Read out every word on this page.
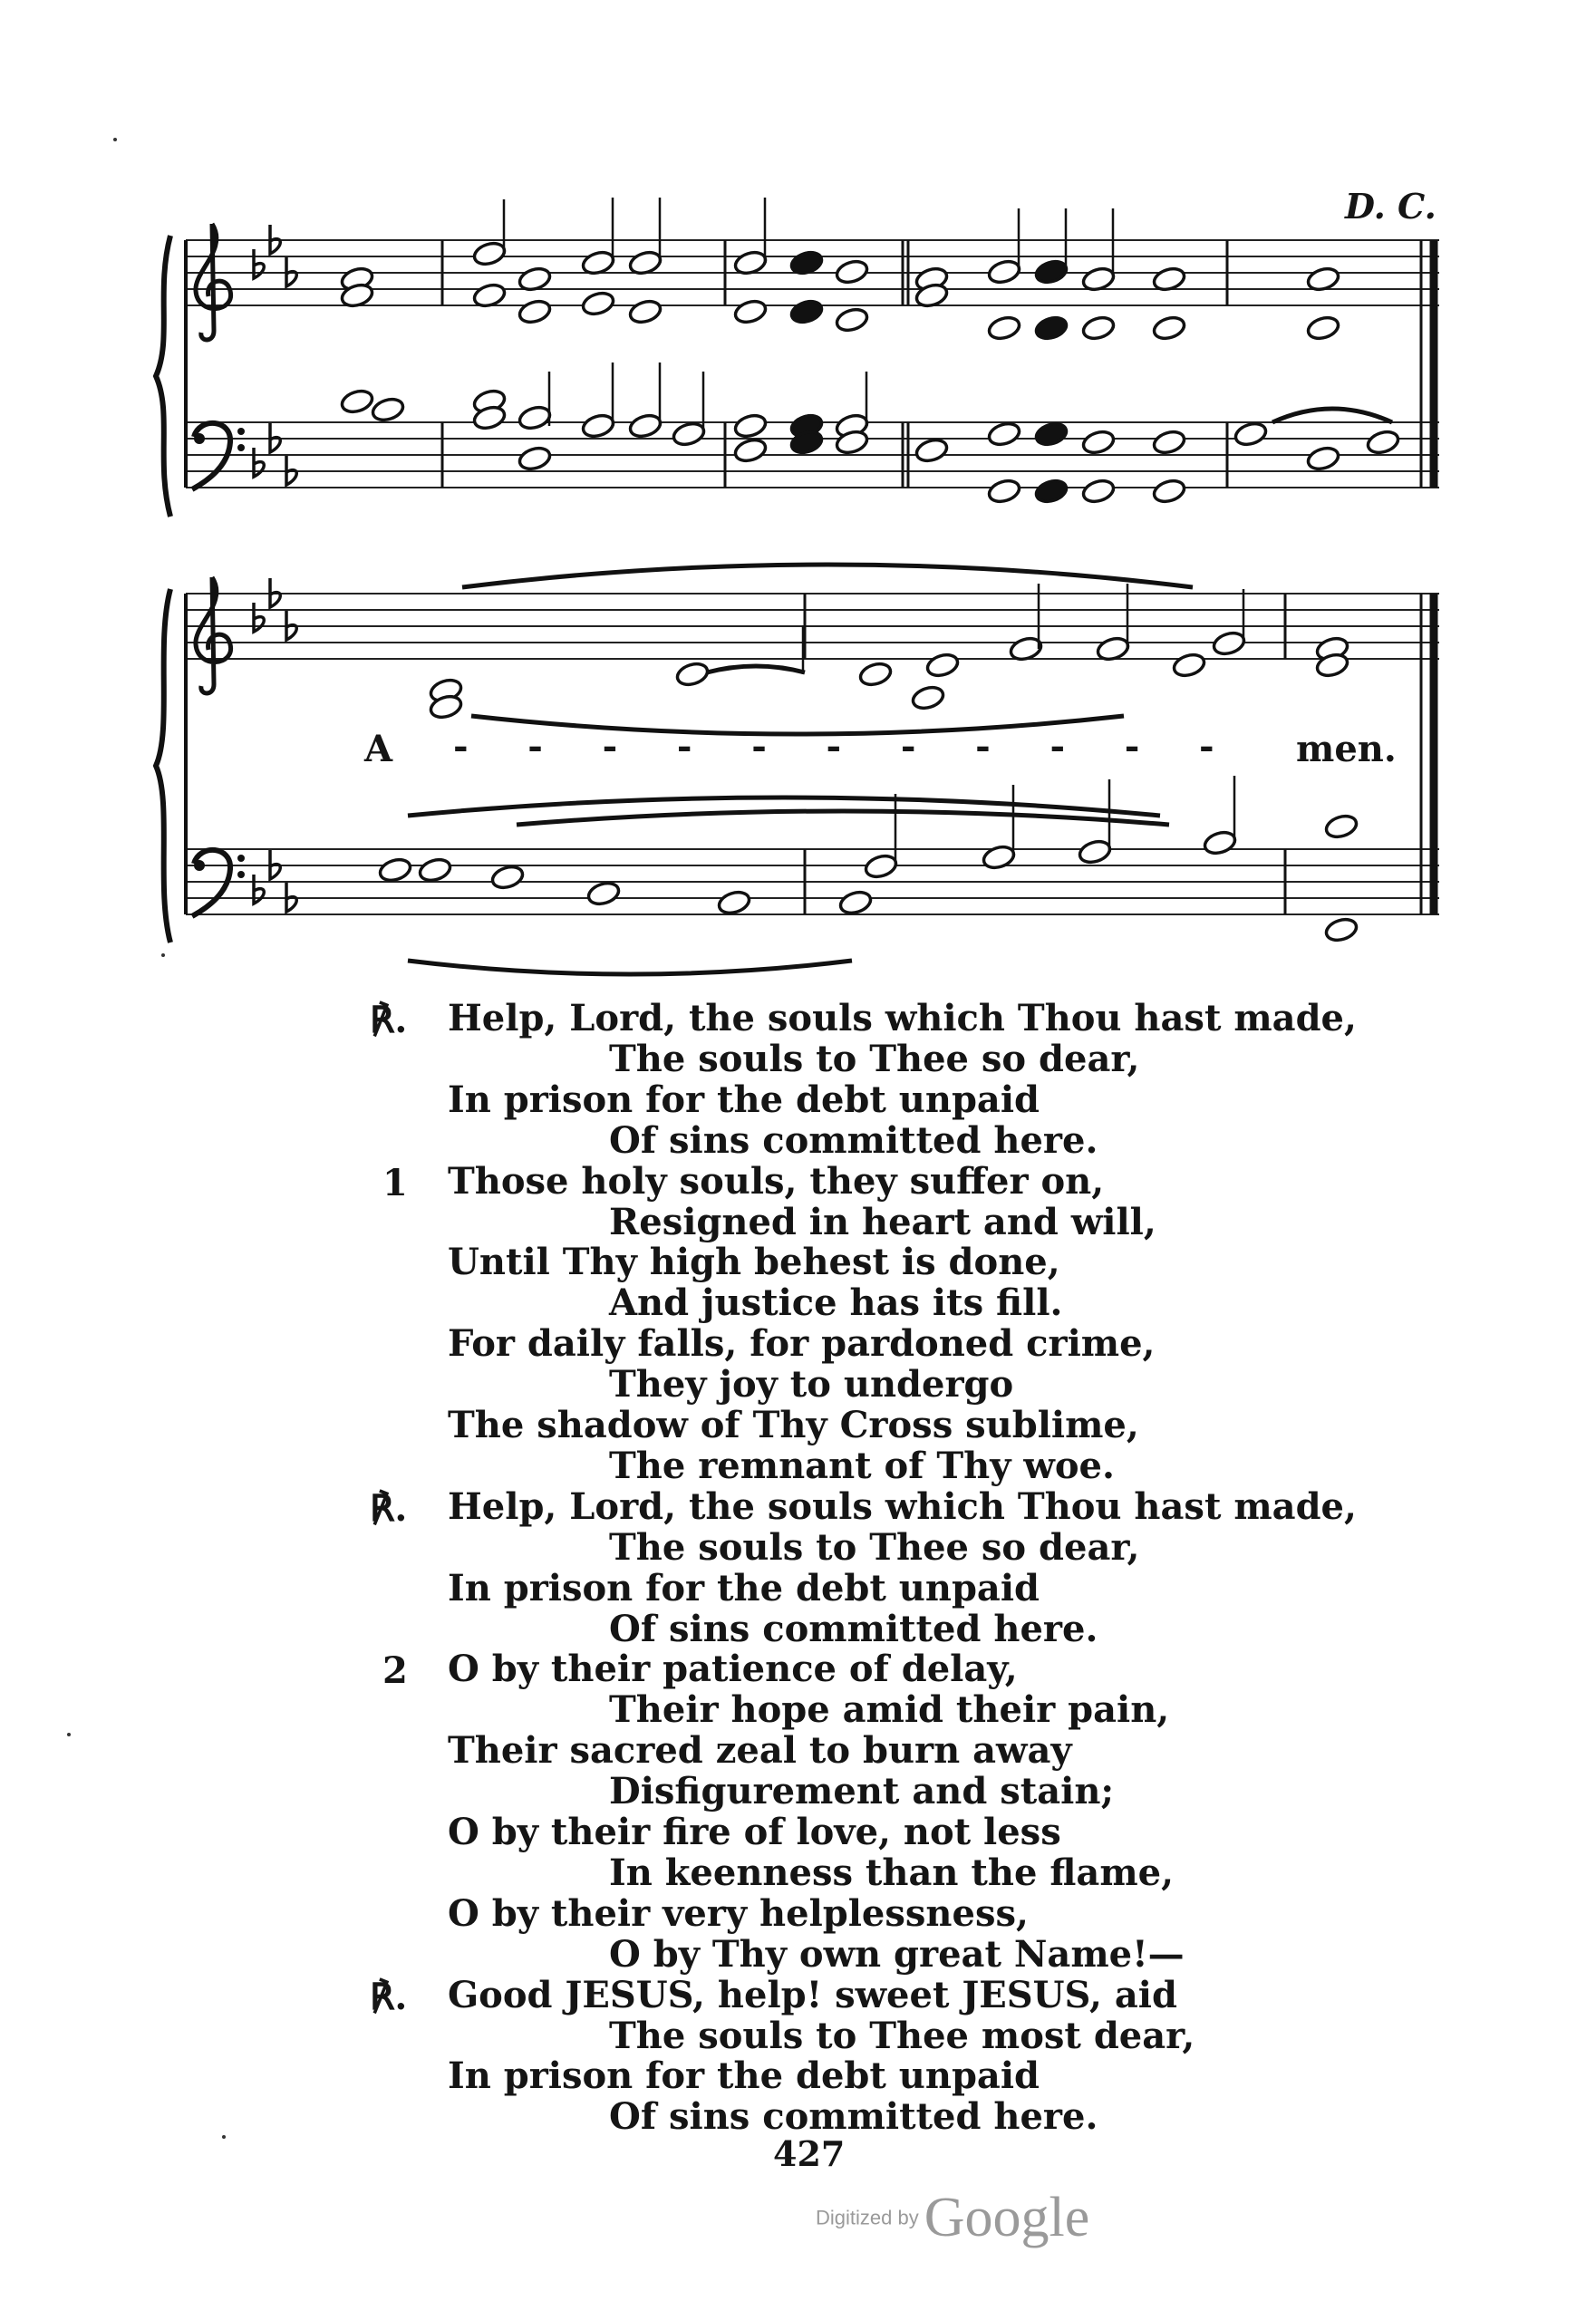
D. C.
A -    -    -    -    -    -    -    -    -    -    - men.
℟. Help, Lord, the souls which Thou hast made,
The souls to Thee so dear,
In prison for the debt unpaid
Of sins committed here.
1 Those holy souls, they suffer on,
Resigned in heart and will,
Until Thy high behest is done,
And justice has its fill.
For daily falls, for pardoned crime,
They joy to undergo
The shadow of Thy Cross sublime,
The remnant of Thy woe.
℟. Help, Lord, the souls which Thou hast made,
The souls to Thee so dear,
In prison for the debt unpaid
Of sins committed here.
2 O by their patience of delay,
Their hope amid their pain,
Their sacred zeal to burn away
Disfigurement and stain;
O by their fire of love, not less
In keenness than the flame,
O by their very helplessness,
O by Thy own great Name!—
℟. Good JESUS, help! sweet JESUS, aid
The souls to Thee most dear,
In prison for the debt unpaid
Of sins committed here.
427
Digitized byGoogle
